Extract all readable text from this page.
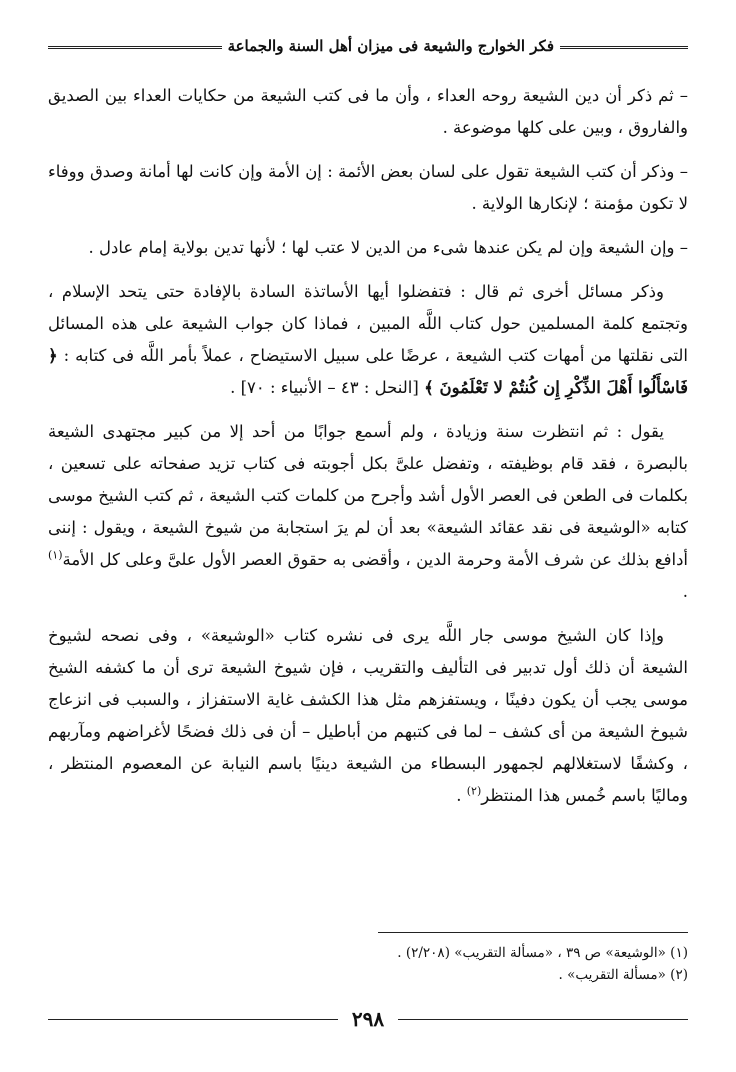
فكر الخوارج والشيعة فى ميزان أهل السنة والجماعة

– ثم ذكر أن دين الشيعة روحه العداء ، وأن ما فى كتب الشيعة من حكايات العداء بين الصديق والفاروق ، وبين على كلها موضوعة .

– وذكر أن كتب الشيعة تقول على لسان بعض الأئمة : إن الأمة وإن كانت لها أمانة وصدق ووفاء لا تكون مؤمنة ؛ لإنكارها الولاية .

– وإن الشيعة وإن لم يكن عندها شىء من الدين لا عتب لها ؛ لأنها تدين بولاية إمام عادل .

وذكر مسائل أخرى ثم قال : فتفضلوا أيها الأساتذة السادة بالإفادة حتى يتحد الإسلام ، وتجتمع كلمة المسلمين حول كتاب اللَّه المبين ، فماذا كان جواب الشيعة على هذه المسائل التى نقلتها من أمهات كتب الشيعة ، عرضًا على سبيل الاستيضاح ، عملاً بأمر اللَّه فى كتابه : ﴿ فَاسْأَلُوا أَهْلَ الذِّكْرِ إِن كُنتُمْ لا تَعْلَمُونَ ﴾ [النحل : ٤٣ – الأنبياء : ٧٠] .

يقول : ثم انتظرت سنة وزيادة ، ولم أسمع جوابًا من أحد إلا من كبير مجتهدى الشيعة بالبصرة ، فقد قام بوظيفته ، وتفضل علىَّ بكل أجوبته فى كتاب تزيد صفحاته على تسعين ، بكلمات فى الطعن فى العصر الأول أشد وأجرح من كلمات كتب الشيعة ، ثم كتب الشيخ موسى كتابه «الوشيعة فى نقد عقائد الشيعة» بعد أن لم يرَ استجابة من شيوخ الشيعة ، ويقول : إننى أدافع بذلك عن شرف الأمة وحرمة الدين ، وأقضى به حقوق العصر الأول علىَّ وعلى كل الأمة$^{(١)}$ .

وإذا كان الشيخ موسى جار اللَّه يرى فى نشره كتاب «الوشيعة» ، وفى نصحه لشيوخ الشيعة أن ذلك أول تدبير فى التأليف والتقريب ، فإن شيوخ الشيعة ترى أن ما كشفه الشيخ موسى يجب أن يكون دفينًا ، ويستفزهم مثل هذا الكشف غاية الاستفزاز ، والسبب فى انزعاج شيوخ الشيعة من أى كشف – لما فى كتبهم من أباطيل – أن فى ذلك فضحًا لأغراضهم ومآربهم ، وكشفًا لاستغلالهم لجمهور البسطاء من الشيعة دينيًا باسم النيابة عن المعصوم المنتظر ، وماليًا باسم خُمس هذا المنتظر$^{(٢)}$ .

(١) «الوشيعة» ص ٣٩ ، «مسألة التقريب» (٢/٢٠٨) .
(٢) «مسألة التقريب» .
٢٩٨
